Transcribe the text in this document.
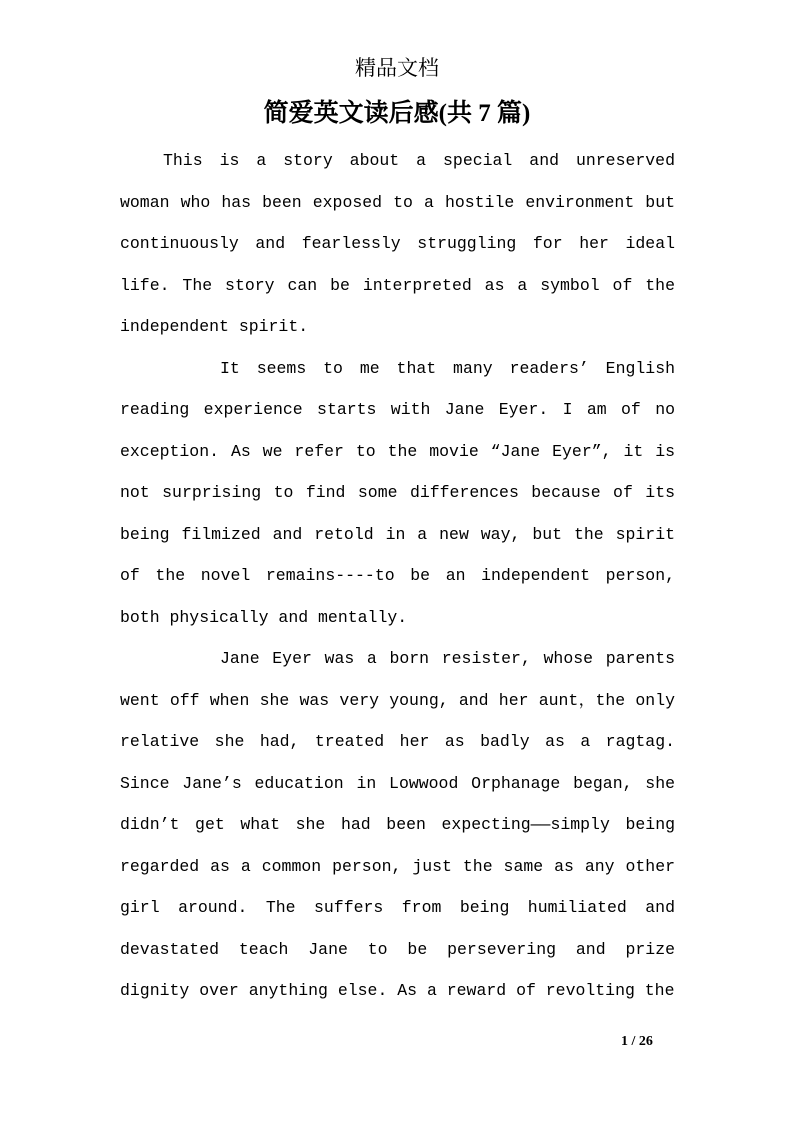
精品文档
简爱英文读后感(共 7 篇)

This is a story about a special and unreserved woman who has been exposed to a hostile environment but continuously and fearlessly struggling for her ideal life. The story can be interpreted as a symbol of the independent spirit.

It seems to me that many readers’ English reading experience starts with Jane Eyer. I am of no exception. As we refer to the movie “Jane Eyer”, it is not surprising to find some differences because of its being filmized and retold in a new way, but the spirit of the novel remains----to be an independent person, both physically and mentally.

Jane Eyer was a born resister, whose parents went off when she was very young, and her aunt，the only relative she had, treated her as badly as a ragtag. Since Jane’s education in Lowwood Orphanage began, she didn’t get what she had been expecting——simply being regarded as a common person, just the same as any other girl around. The suffers from being humiliated and devastated teach Jane to be persevering and prize dignity over anything else. As a reward of revolting the

1 / 26
